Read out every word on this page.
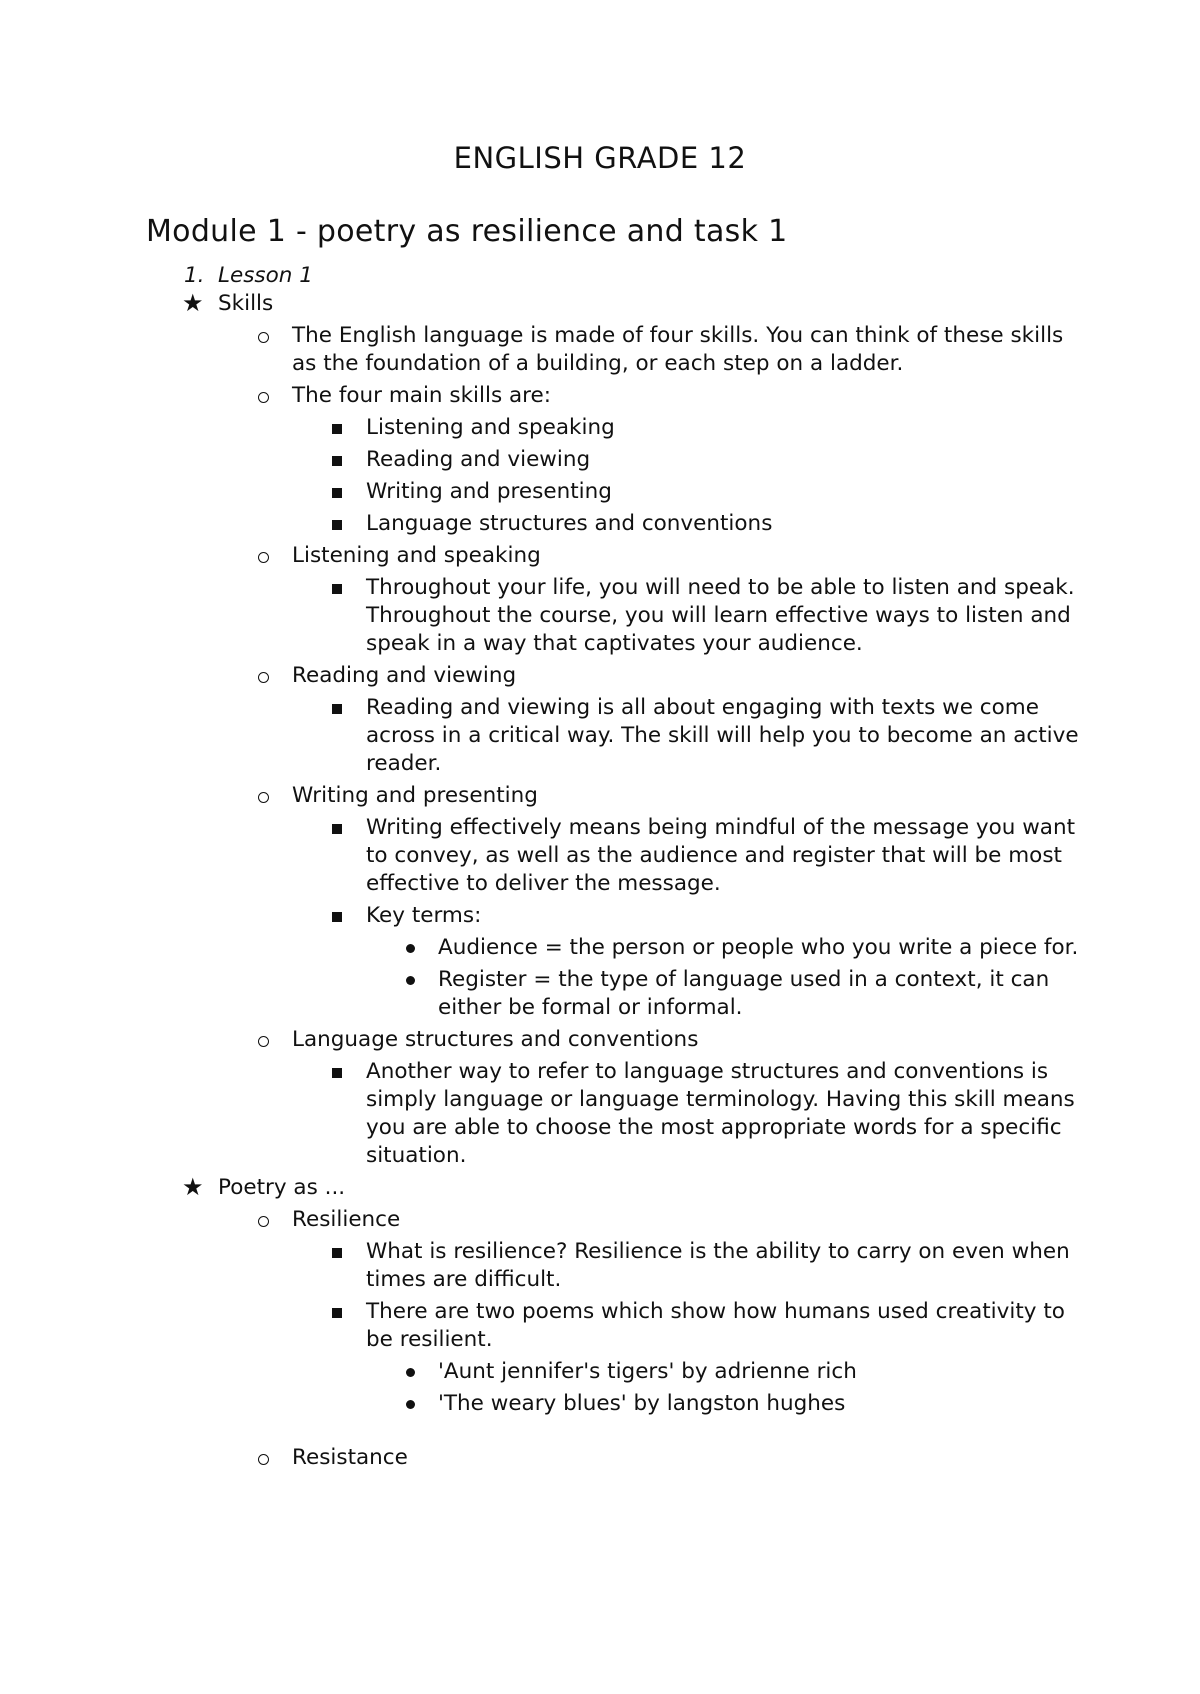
ENGLISH GRADE 12
Module 1 - poetry as resilience and task 1
1. Lesson 1
★ Skills
The English language is made of four skills. You can think of these skills as the foundation of a building, or each step on a ladder.
The four main skills are:
Listening and speaking
Reading and viewing
Writing and presenting
Language structures and conventions
Listening and speaking
Throughout your life, you will need to be able to listen and speak. Throughout the course, you will learn effective ways to listen and speak in a way that captivates your audience.
Reading and viewing
Reading and viewing is all about engaging with texts we come across in a critical way. The skill will help you to become an active reader.
Writing and presenting
Writing effectively means being mindful of the message you want to convey, as well as the audience and register that will be most effective to deliver the message.
Key terms:
Audience = the person or people who you write a piece for.
Register = the type of language used in a context, it can either be formal or informal.
Language structures and conventions
Another way to refer to language structures and conventions is simply language or language terminology. Having this skill means you are able to choose the most appropriate words for a specific situation.
★ Poetry as ...
Resilience
What is resilience? Resilience is the ability to carry on even when times are difficult.
There are two poems which show how humans used creativity to be resilient.
'Aunt jennifer's tigers' by adrienne rich
'The weary blues' by langston hughes
Resistance
